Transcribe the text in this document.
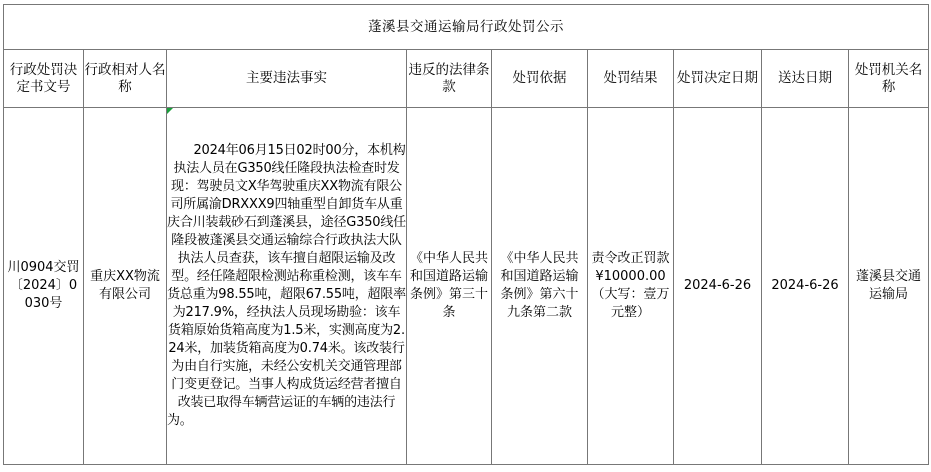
蓬溪县交通运输局行政处罚公示								
行政处罚决定书文号	行政相对人名称	主要违法事实	违反的法律条款	处罚依据	处罚结果	处罚决定日期	送达日期	处罚机关名称

川0904交罚〔2024〕0030号	重庆XX物流有限公司	2024年06月15日02时00分，本机构执法人员在G350线任隆段执法检查时发现：驾驶员文X华驾驶重庆XX物流有限公司所属渝DRXXX9四轴重型自卸货车从重庆合川装载砂石到蓬溪县，途径G350线任隆段被蓬溪县交通运输综合行政执法大队执法人员查获，该车擅自超限运输及改型。经任隆超限检测站称重检测，该车车货总重为98.55吨，超限67.55吨，超限率为217.9%，经执法人员现场勘验：该车货箱原始货箱高度为1.5米，实测高度为2.24米，加装货箱高度为0.74米。该改装行为由自行实施，未经公安机关交通管理部门变更登记。当事人构成货运经营者擅自改装已取得车辆营运证的车辆的违法行为。	《中华人民共和国道路运输条例》第三十条	《中华人民共和国道路运输条例》第六十九条第二款	责令改正罚款¥10000.00（大写：壹万元整）	2024-6-26	2024-6-26	蓬溪县交通运输局
